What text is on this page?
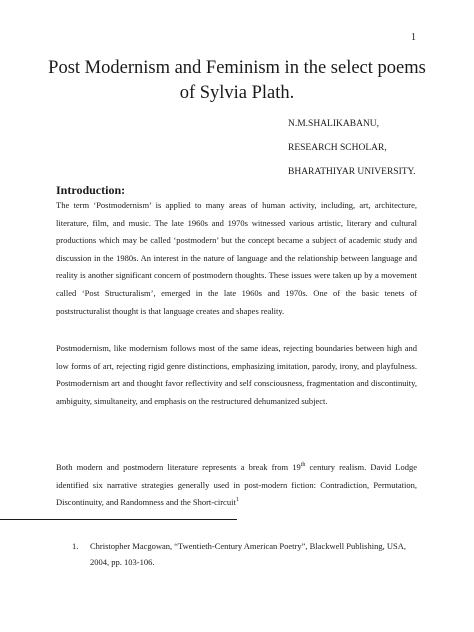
1
Post Modernism and Feminism in the select poems of Sylvia Plath.
N.M.SHALIKABANU,
RESEARCH SCHOLAR,
BHARATHIYAR UNIVERSITY.
Introduction:

The term ‘Postmodernism’ is applied to many areas of human activity, including, art, architecture, literature, film, and music. The late 1960s and 1970s witnessed various artistic, literary and cultural productions which may be called ‘postmodern’ but the concept became a subject of academic study and discussion in the 1980s. An interest in the nature of language and the relationship between language and reality is another significant concern of postmodern thoughts. These issues were taken up by a movement called ‘Post Structuralism’, emerged in the late 1960s and 1970s. One of the basic tenets of poststructuralist thought is that language creates and shapes reality.

Postmodernism, like modernism follows most of the same ideas, rejecting boundaries between high and low forms of art, rejecting rigid genre distinctions, emphasizing imitation, parody, irony, and playfulness. Postmodernism art and thought favor reflectivity and self consciousness, fragmentation and discontinuity, ambiguity, simultaneity, and emphasis on the restructured dehumanized subject.

Both modern and postmodern literature represents a break from 19th century realism. David Lodge identified six narrative strategies generally used in post-modern fiction: Contradiction, Permutation, Discontinuity, and Randomness and the Short-circuit$^1$

1. Christopher Macgowan, “Twentieth-Century American Poetry”, Blackwell Publishing, USA, 2004, pp. 103-106.
